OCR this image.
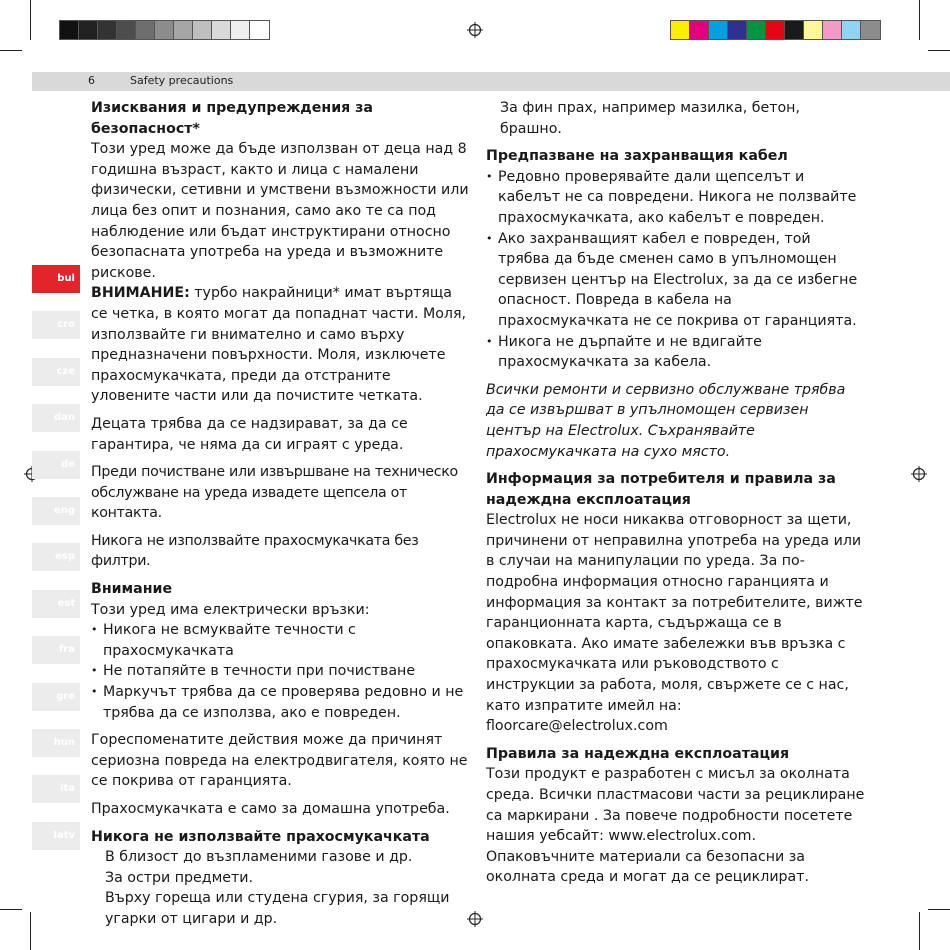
6	Safety precautions
bul
cro
cze
dan
de
eng
esp
est
fra
gre
hun
ita
latv

Изисквания и предупреждения за безопасност*

Този уред може да бъде използван от деца над 8 годишна възраст, както и лица с намалени физически, сетивни и умствени възможности или лица без опит и познания, само ако те са под наблюдение или бъдат инструктирани относно безопасната употреба на уреда и възможните рискове.

ВНИМАНИЕ: турбо накрайници* имат въртяща се четка, в която могат да попаднат части. Моля, използвайте ги внимателно и само върху предназначени повърхности. Моля, изключете прахосмукачката, преди да отстраните уловените части или да почистите четката.

Децата трябва да се надзирават, за да се гарантира, че няма да си играят с уреда.

Преди почистване или извършване на техническо обслужване на уреда извадете щепсела от контакта.

Никога не използвайте прахосмукачката без филтри.

Внимание

Този уред има електрически връзки:

• Никога не всмуквайте течности с прахосмукачката
• Не потапяйте в течности при почистване
• Маркучът трябва да се проверява редовно и не трябва да се използва, ако е повреден.

Гореспоменатите действия може да причинят сериозна повреда на електродвигателя, която не се покрива от гаранцията.

Прахосмукачката е само за домашна употреба.

Никога не използвайте прахосмукачката

В близост до възпламеними газове и др.

За остри предмети.

Върху гореща или студена сгурия, за горящи угарки от цигари и др.

За фин прах, например мазилка, бетон, брашно.

Предпазване на захранващия кабел

• Редовно проверявайте дали щепселът и кабелът не са повредени. Никога не ползвайте прахосмукачката, ако кабелът е повреден.
• Ако захранващият кабел е повреден, той трябва да бъде сменен само в упълномощен сервизен център на Electrolux, за да се избегне опасност. Повреда в кабела на прахосмукачката не се покрива от гаранцията.
• Никога не дърпайте и не вдигайте прахосмукачката за кабела.

Всички ремонти и сервизно обслужване трябва да се извършват в упълномощен сервизен център на Electrolux. Съхранявайте прахосмукачката на сухо място.

Информация за потребителя и правила за надеждна експлоатация

Electrolux не носи никаква отговорност за щети, причинени от неправилна употреба на уреда или в случаи на манипулации по уреда. За по-подробна информация относно гаранцията и информация за контакт за потребителите, вижте гаранционната карта, съдържаща се в опаковката. Ако имате забележки във връзка с прахосмукачката или ръководството с инструкции за работа, моля, свържете се с нас, като изпратите имейл на: floorcare@electrolux.com

Правила за надеждна експлоатация

Този продукт е разработен с мисъл за околната среда. Всички пластмасови части за рециклиране са маркирани . За повече подробности посетете нашия уебсайт: www.electrolux.com. Опаковъчните материали са безопасни за околната среда и могат да се рециклират.
